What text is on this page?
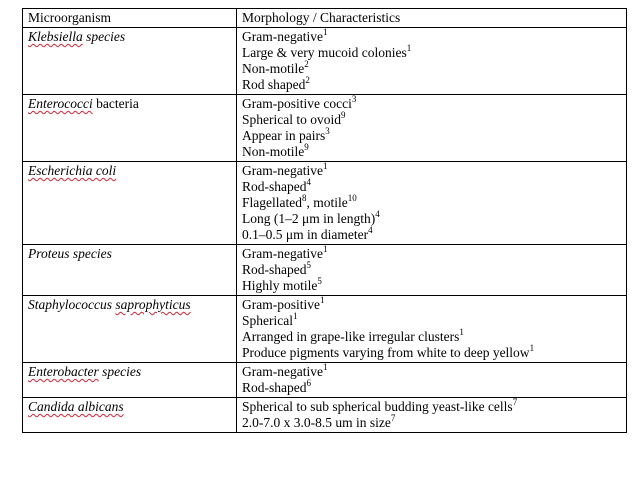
Microorganism	Morphology / Characteristics
Klebsiella species	Gram-negative$^1$
Large & very mucoid colonies$^1$
Non-motile$^2$
Rod shaped$^2$

Enterococci bacteria	Gram-positive cocci$^3$
Spherical to ovoid$^9$
Appear in pairs$^3$
Non-motile$^9$

Escherichia coli	Gram-negative$^1$
Rod-shaped$^4$
Flagellated$^8$, motile$^{10}$
Long (1–2 μm in length)$^4$
0.1–0.5 μm in diameter$^4$

Proteus species	Gram-negative$^1$
Rod-shaped$^5$
Highly motile$^5$

Staphylococcus saprophyticus	Gram-positive$^1$
Spherical$^1$
Arranged in grape-like irregular clusters$^1$
Produce pigments varying from white to deep yellow$^1$

Enterobacter species	Gram-negative$^1$
Rod-shaped$^6$

Candida albicans	Spherical to sub spherical budding yeast-like cells$^7$
2.0-7.0 x 3.0-8.5 um in size$^7$
